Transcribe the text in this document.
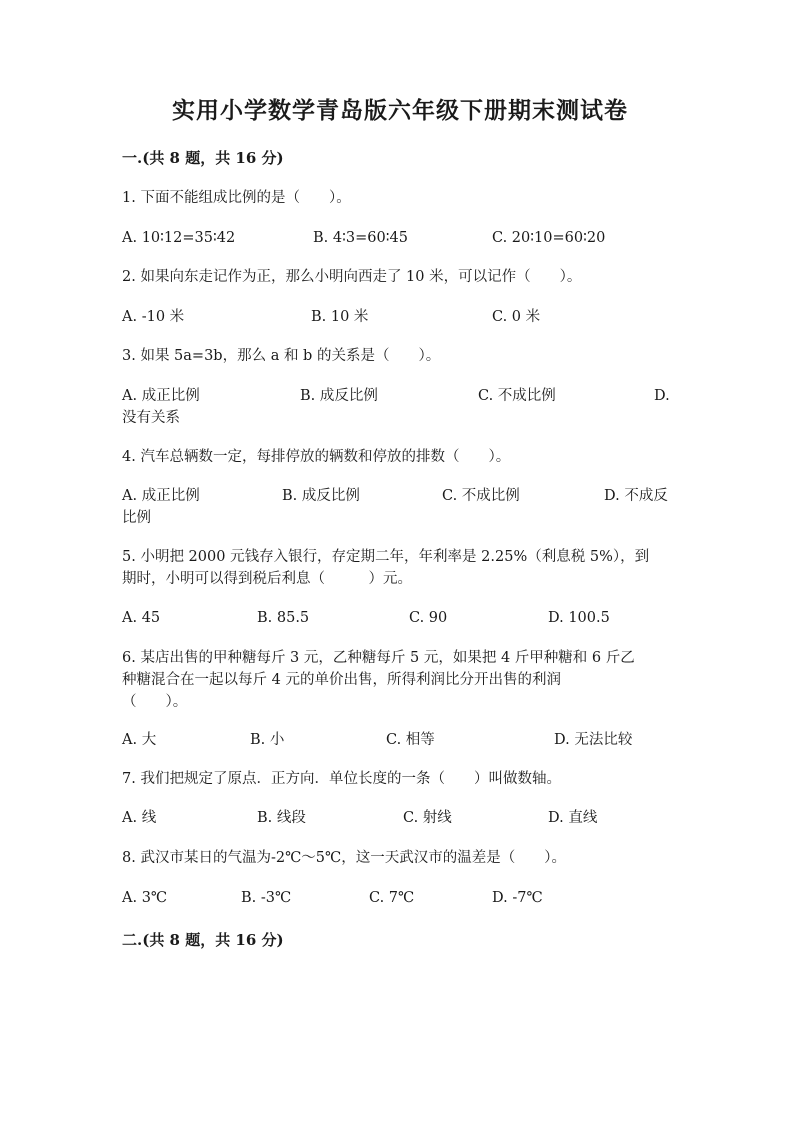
实用小学数学青岛版六年级下册期末测试卷
一.(共 8 题，共 16 分)
1. 下面不能组成比例的是（　　）。
A. 10∶12=35∶42	B. 4∶3=60∶45	C. 20∶10=60∶20
2. 如果向东走记作为正，那么小明向西走了 10 米，可以记作（　　）。
A. -10 米	B. 10 米	C. 0 米
3. 如果 5a=3b，那么 a 和 b 的关系是（　　）。
A. 成正比例	B. 成反比例	C. 不成比例	D.
没有关系
4. 汽车总辆数一定，每排停放的辆数和停放的排数（　　）。
A. 成正比例	B. 成反比例	C. 不成比例	D. 不成反
比例
5. 小明把 2000 元钱存入银行，存定期二年，年利率是 2.25%（利息税 5%），到
期时，小明可以得到税后利息（　　　）元。
A. 45	B. 85.5	C. 90	D. 100.5
6. 某店出售的甲种糖每斤 3 元，乙种糖每斤 5 元，如果把 4 斤甲种糖和 6 斤乙
种糖混合在一起以每斤 4 元的单价出售，所得利润比分开出售的利润
（　　）。
A. 大	B. 小	C. 相等	D. 无法比较
7. 我们把规定了原点．正方向．单位长度的一条（　　）叫做数轴。
A. 线	B. 线段	C. 射线	D. 直线
8. 武汉市某日的气温为-2℃～5℃，这一天武汉市的温差是（　　）。
A. 3℃	B. -3℃	C. 7℃	D. -7℃
二.(共 8 题，共 16 分)
